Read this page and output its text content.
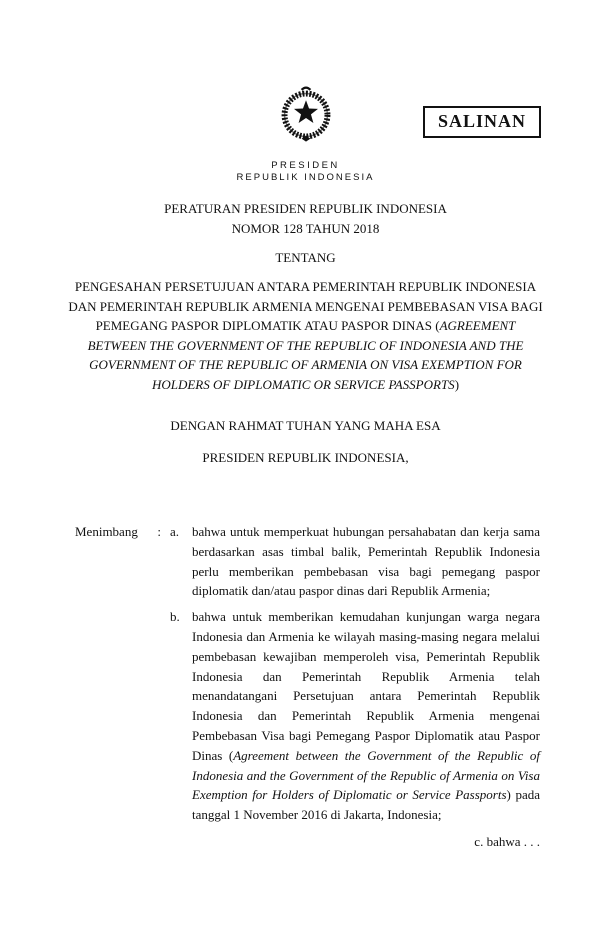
SALINAN
PRESIDEN
REPUBLIK INDONESIA

PERATURAN PRESIDEN REPUBLIK INDONESIA

NOMOR 128 TAHUN 2018

TENTANG

PENGESAHAN PERSETUJUAN ANTARA PEMERINTAH REPUBLIK INDONESIA DAN PEMERINTAH REPUBLIK ARMENIA MENGENAI PEMBEBASAN VISA BAGI PEMEGANG PASPOR DIPLOMATIK ATAU PASPOR DINAS (AGREEMENT BETWEEN THE GOVERNMENT OF THE REPUBLIC OF INDONESIA AND THE GOVERNMENT OF THE REPUBLIC OF ARMENIA ON VISA EXEMPTION FOR HOLDERS OF DIPLOMATIC OR SERVICE PASSPORTS)
DENGAN RAHMAT TUHAN YANG MAHA ESA
PRESIDEN REPUBLIK INDONESIA,
Menimbang : a. bahwa untuk memperkuat hubungan persahabatan dan kerja sama berdasarkan asas timbal balik, Pemerintah Republik Indonesia perlu memberikan pembebasan visa bagi pemegang paspor diplomatik dan/atau paspor dinas dari Republik Armenia;
b. bahwa untuk memberikan kemudahan kunjungan warga negara Indonesia dan Armenia ke wilayah masing-masing negara melalui pembebasan kewajiban memperoleh visa, Pemerintah Republik Indonesia dan Pemerintah Republik Armenia telah menandatangani Persetujuan antara Pemerintah Republik Indonesia dan Pemerintah Republik Armenia mengenai Pembebasan Visa bagi Pemegang Paspor Diplomatik atau Paspor Dinas (Agreement between the Government of the Republic of Indonesia and the Government of the Republic of Armenia on Visa Exemption for Holders of Diplomatic or Service Passports) pada tanggal 1 November 2016 di Jakarta, Indonesia;
c. bahwa . . .
